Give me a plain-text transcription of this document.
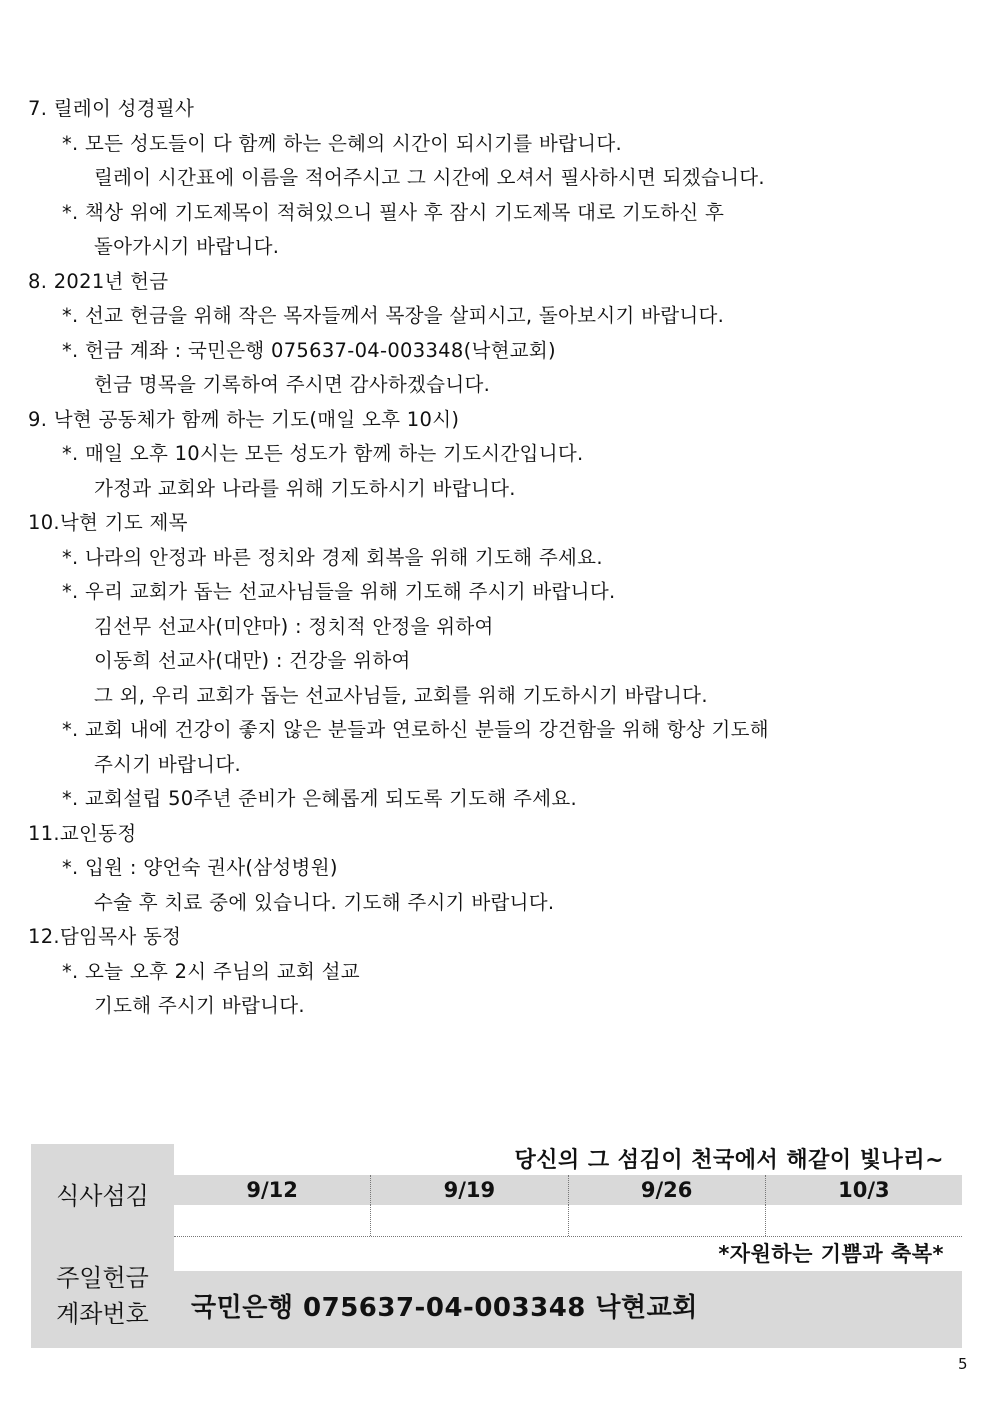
7. 릴레이 성경필사
*. 모든 성도들이 다 함께 하는 은혜의 시간이 되시기를 바랍니다.
릴레이 시간표에 이름을 적어주시고 그 시간에 오셔서 필사하시면 되겠습니다.
*. 책상 위에 기도제목이 적혀있으니 필사 후 잠시 기도제목 대로 기도하신 후
돌아가시기 바랍니다.
8. 2021년 헌금
*. 선교 헌금을 위해 작은 목자들께서 목장을 살피시고, 돌아보시기 바랍니다.
*. 헌금 계좌 : 국민은행 075637-04-003348(낙현교회)
헌금 명목을 기록하여 주시면 감사하겠습니다.
9. 낙현 공동체가 함께 하는 기도(매일 오후 10시)
*. 매일 오후 10시는 모든 성도가 함께 하는 기도시간입니다.
가정과 교회와 나라를 위해 기도하시기 바랍니다.
10.낙현 기도 제목
*. 나라의 안정과 바른 정치와 경제 회복을 위해 기도해 주세요.
*. 우리 교회가 돕는 선교사님들을 위해 기도해 주시기 바랍니다.
김선무 선교사(미얀마) : 정치적 안정을 위하여
이동희 선교사(대만) : 건강을 위하여
그 외, 우리 교회가 돕는 선교사님들, 교회를 위해 기도하시기 바랍니다.
*. 교회 내에 건강이 좋지 않은 분들과 연로하신 분들의 강건함을 위해 항상 기도해
주시기 바랍니다.
*. 교회설립 50주년 준비가 은혜롭게 되도록 기도해 주세요.
11.교인동정
*. 입원 : 양언숙 권사(삼성병원)
수술 후 치료 중에 있습니다. 기도해 주시기 바랍니다.
12.담임목사 동정
*. 오늘 오후 2시 주님의 교회 설교
기도해 주시기 바랍니다.
식사섬김
주일헌금
계좌번호
당신의 그 섬김이 천국에서 해같이 빛나리~
9/12	9/19	9/26	10/3
*자원하는 기쁨과 축복*
국민은행 075637-04-003348 낙현교회
5
